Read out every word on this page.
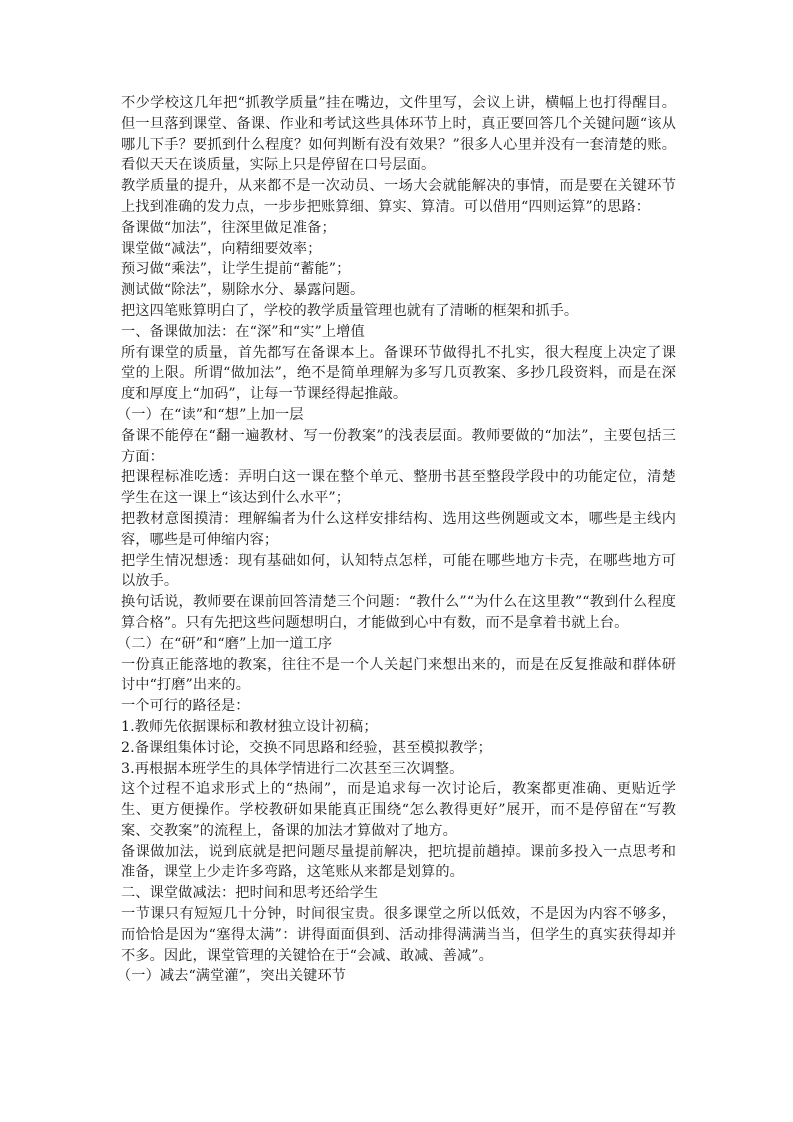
不少学校这几年把“抓教学质量”挂在嘴边，文件里写，会议上讲，横幅上也打得醒目。但一旦落到课堂、备课、作业和考试这些具体环节上时，真正要回答几个关键问题“该从哪儿下手？要抓到什么程度？如何判断有没有效果？”很多人心里并没有一套清楚的账。看似天天在谈质量，实际上只是停留在口号层面。

教学质量的提升，从来都不是一次动员、一场大会就能解决的事情，而是要在关键环节上找到准确的发力点，一步步把账算细、算实、算清。可以借用“四则运算”的思路：

备课做“加法”，往深里做足准备；

课堂做“减法”，向精细要效率；

预习做“乘法”，让学生提前“蓄能”；

测试做“除法”，剔除水分、暴露问题。

把这四笔账算明白了，学校的教学质量管理也就有了清晰的框架和抓手。

一、备课做加法：在“深”和“实”上增值

所有课堂的质量，首先都写在备课本上。备课环节做得扎不扎实，很大程度上决定了课堂的上限。所谓“做加法”，绝不是简单理解为多写几页教案、多抄几段资料，而是在深度和厚度上“加码”，让每一节课经得起推敲。

（一）在“读”和“想”上加一层

备课不能停在“翻一遍教材、写一份教案”的浅表层面。教师要做的“加法”，主要包括三方面：

把课程标准吃透：弄明白这一课在整个单元、整册书甚至整段学段中的功能定位，清楚学生在这一课上“该达到什么水平”；

把教材意图摸清：理解编者为什么这样安排结构、选用这些例题或文本，哪些是主线内容，哪些是可伸缩内容；

把学生情况想透：现有基础如何，认知特点怎样，可能在哪些地方卡壳，在哪些地方可以放手。

换句话说，教师要在课前回答清楚三个问题：“教什么”“为什么在这里教”“教到什么程度算合格”。只有先把这些问题想明白，才能做到心中有数，而不是拿着书就上台。

（二）在“研”和“磨”上加一道工序

一份真正能落地的教案，往往不是一个人关起门来想出来的，而是在反复推敲和群体研讨中“打磨”出来的。

一个可行的路径是：

1.教师先依据课标和教材独立设计初稿；

2.备课组集体讨论，交换不同思路和经验，甚至模拟教学；

3.再根据本班学生的具体学情进行二次甚至三次调整。

这个过程不追求形式上的“热闹”，而是追求每一次讨论后，教案都更准确、更贴近学生、更方便操作。学校教研如果能真正围绕“怎么教得更好”展开，而不是停留在“写教案、交教案”的流程上，备课的加法才算做对了地方。

备课做加法，说到底就是把问题尽量提前解决，把坑提前趟掉。课前多投入一点思考和准备，课堂上少走许多弯路，这笔账从来都是划算的。

二、课堂做减法：把时间和思考还给学生

一节课只有短短几十分钟，时间很宝贵。很多课堂之所以低效，不是因为内容不够多，而恰恰是因为“塞得太满”：讲得面面俱到、活动排得满满当当，但学生的真实获得却并不多。因此，课堂管理的关键恰在于“会减、敢减、善减”。

（一）减去“满堂灌”，突出关键环节
